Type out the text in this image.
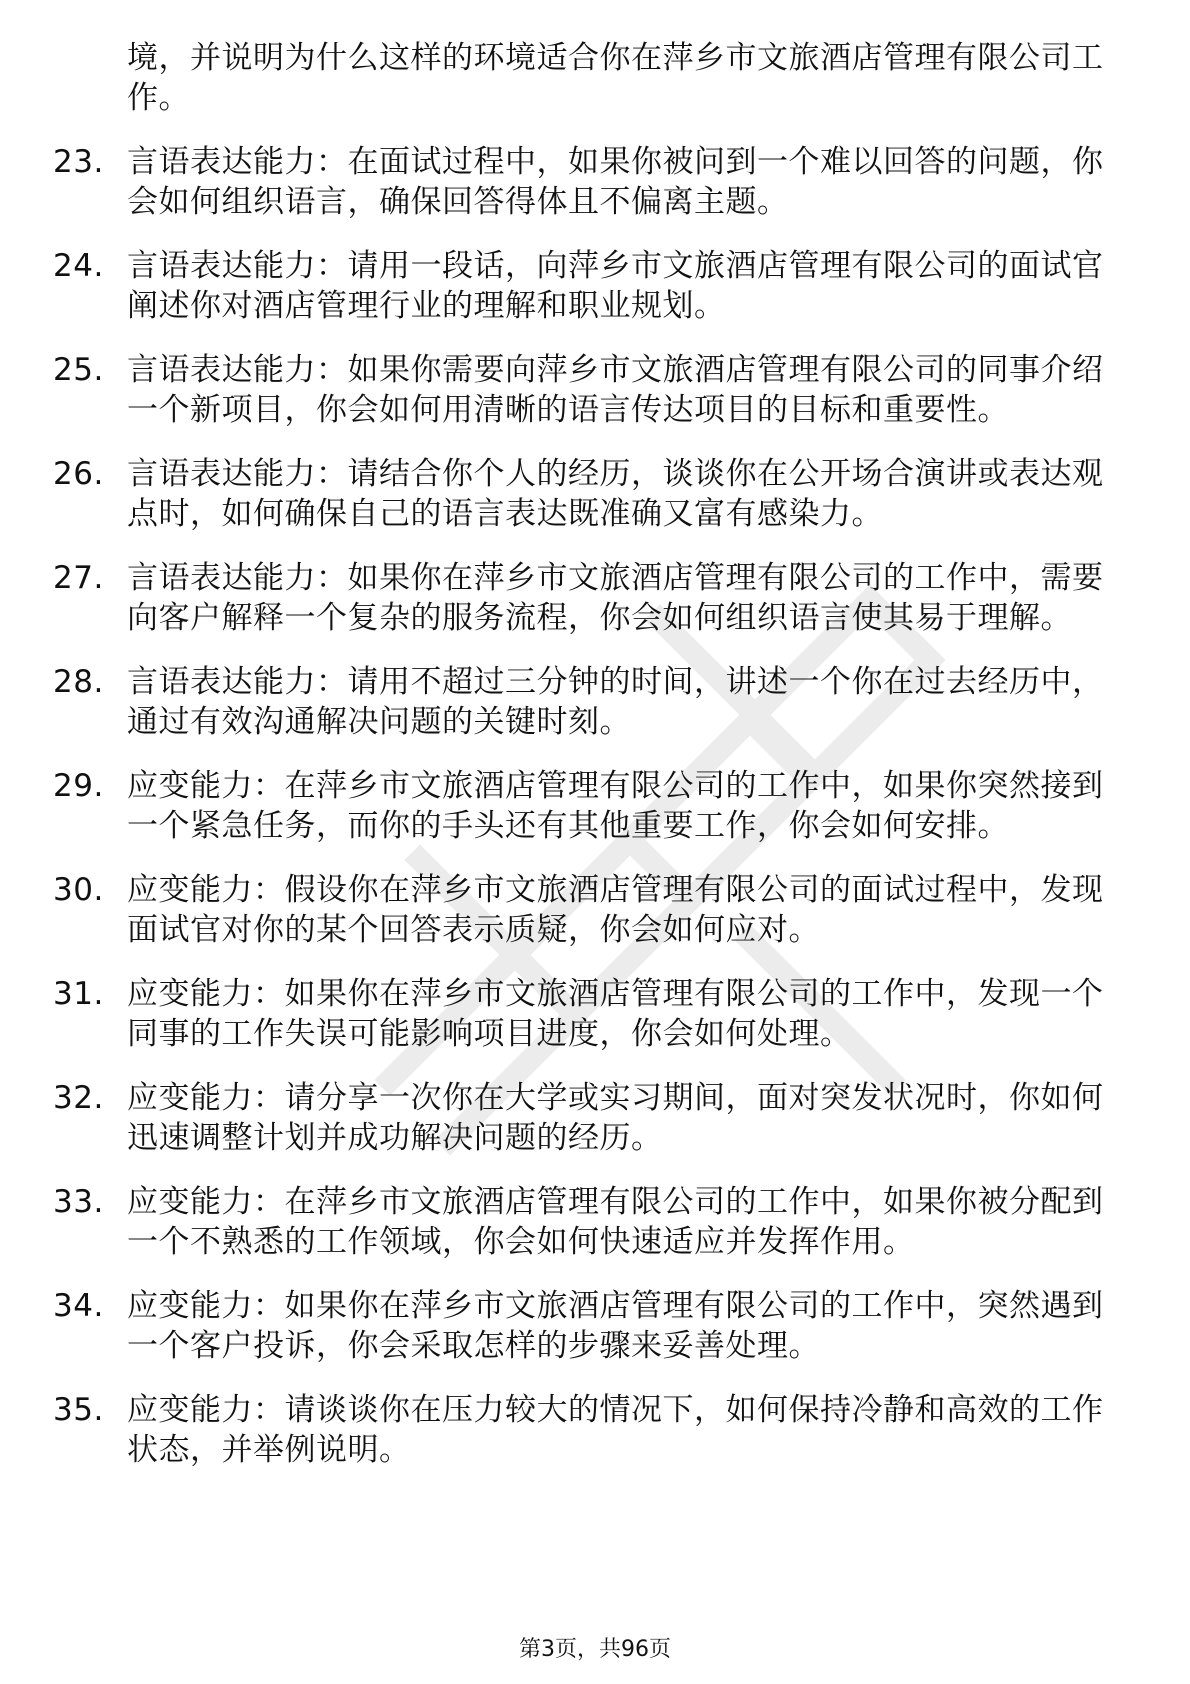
境，并说明为什么这样的环境适合你在萍乡市文旅酒店管理有限公司工作。
23. 言语表达能力：在面试过程中，如果你被问到一个难以回答的问题，你会如何组织语言，确保回答得体且不偏离主题。
24. 言语表达能力：请用一段话，向萍乡市文旅酒店管理有限公司的面试官阐述你对酒店管理行业的理解和职业规划。
25. 言语表达能力：如果你需要向萍乡市文旅酒店管理有限公司的同事介绍一个新项目，你会如何用清晰的语言传达项目的目标和重要性。
26. 言语表达能力：请结合你个人的经历，谈谈你在公开场合演讲或表达观点时，如何确保自己的语言表达既准确又富有感染力。
27. 言语表达能力：如果你在萍乡市文旅酒店管理有限公司的工作中，需要向客户解释一个复杂的服务流程，你会如何组织语言使其易于理解。
28. 言语表达能力：请用不超过三分钟的时间，讲述一个你在过去经历中，通过有效沟通解决问题的关键时刻。
29. 应变能力：在萍乡市文旅酒店管理有限公司的工作中，如果你突然接到一个紧急任务，而你的手头还有其他重要工作，你会如何安排。
30. 应变能力：假设你在萍乡市文旅酒店管理有限公司的面试过程中，发现面试官对你的某个回答表示质疑，你会如何应对。
31. 应变能力：如果你在萍乡市文旅酒店管理有限公司的工作中，发现一个同事的工作失误可能影响项目进度，你会如何处理。
32. 应变能力：请分享一次你在大学或实习期间，面对突发状况时，你如何迅速调整计划并成功解决问题的经历。
33. 应变能力：在萍乡市文旅酒店管理有限公司的工作中，如果你被分配到一个不熟悉的工作领域，你会如何快速适应并发挥作用。
34. 应变能力：如果你在萍乡市文旅酒店管理有限公司的工作中，突然遇到一个客户投诉，你会采取怎样的步骤来妥善处理。
35. 应变能力：请谈谈你在压力较大的情况下，如何保持冷静和高效的工作状态，并举例说明。
第3页，共96页
